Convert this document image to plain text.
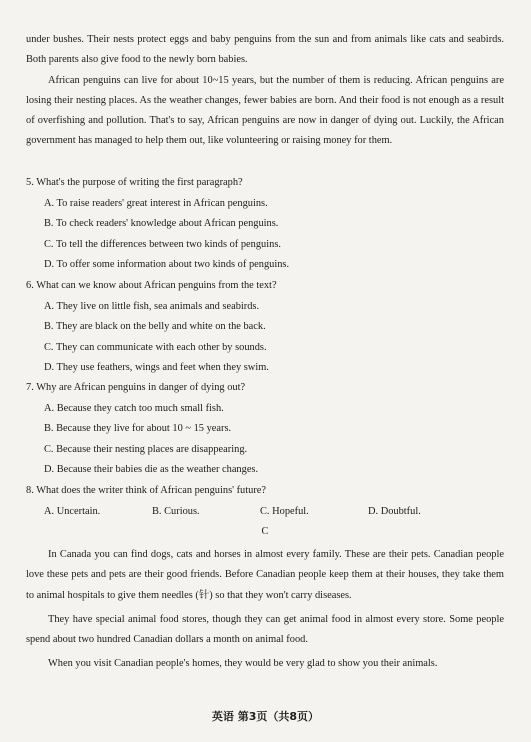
under bushes. Their nests protect eggs and baby penguins from the sun and from animals like cats and seabirds. Both parents also give food to the newly born babies.

African penguins can live for about 10~15 years, but the number of them is reducing. African penguins are losing their nesting places. As the weather changes, fewer babies are born. And their food is not enough as a result of overfishing and pollution. That's to say, African penguins are now in danger of dying out. Luckily, the African government has managed to help them out, like volunteering or raising money for them.

5. What's the purpose of writing the first paragraph?
A. To raise readers' great interest in African penguins.
B. To check readers' knowledge about African penguins.
C. To tell the differences between two kinds of penguins.
D. To offer some information about two kinds of penguins.
6. What can we know about African penguins from the text?
A. They live on little fish, sea animals and seabirds.
B. They are black on the belly and white on the back.
C. They can communicate with each other by sounds.
D. They use feathers, wings and feet when they swim.
7. Why are African penguins in danger of dying out?
A. Because they catch too much small fish.
B. Because they live for about 10 ~ 15 years.
C. Because their nesting places are disappearing.
D. Because their babies die as the weather changes.
8. What does the writer think of African penguins' future?
A. Uncertain.	B. Curious.	C. Hopeful.	D. Doubtful.
C

In Canada you can find dogs, cats and horses in almost every family. These are their pets. Canadian people love these pets and pets are their good friends. Before Canadian people keep them at their houses, they take them to animal hospitals to give them needles (针) so that they won't carry diseases.

They have special animal food stores, though they can get animal food in almost every store. Some people spend about two hundred Canadian dollars a month on animal food.

When you visit Canadian people's homes, they would be very glad to show you their animals.

英语 第3页（共8页）
